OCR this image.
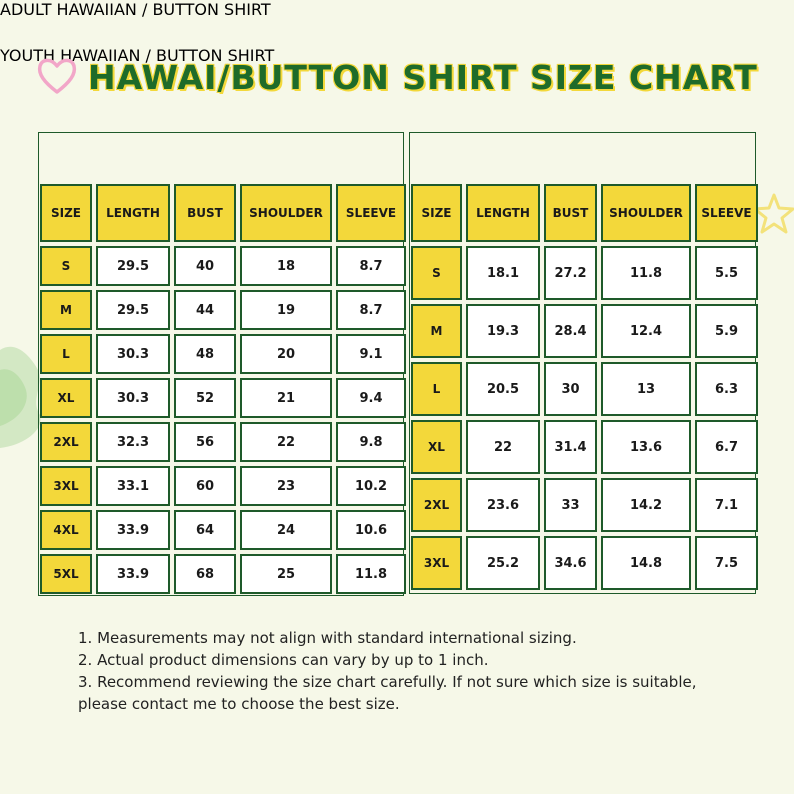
HAWAI/BUTTON SHIRT SIZE CHART
1. Measurements may not align with standard international sizing.
2. Actual product dimensions can vary by up to 1 inch.
3. Recommend reviewing the size chart carefully. If not sure which size is suitable,
please contact me to choose the best size.
ADULT HAWAIIAN / BUTTON SHIRT
SIZE	LENGTH	BUST	SHOULDER	SLEEVE
S	29.5	40	18	8.7
M	29.5	44	19	8.7
L	30.3	48	20	9.1
XL	30.3	52	21	9.4
2XL	32.3	56	22	9.8
3XL	33.1	60	23	10.2
4XL	33.9	64	24	10.6
5XL	33.9	68	25	11.8
YOUTH HAWAIIAN / BUTTON SHIRT
SIZE	LENGTH	BUST	SHOULDER	SLEEVE
S	18.1	27.2	11.8	5.5
M	19.3	28.4	12.4	5.9
L	20.5	30	13	6.3
XL	22	31.4	13.6	6.7
2XL	23.6	33	14.2	7.1
3XL	25.2	34.6	14.8	7.5
